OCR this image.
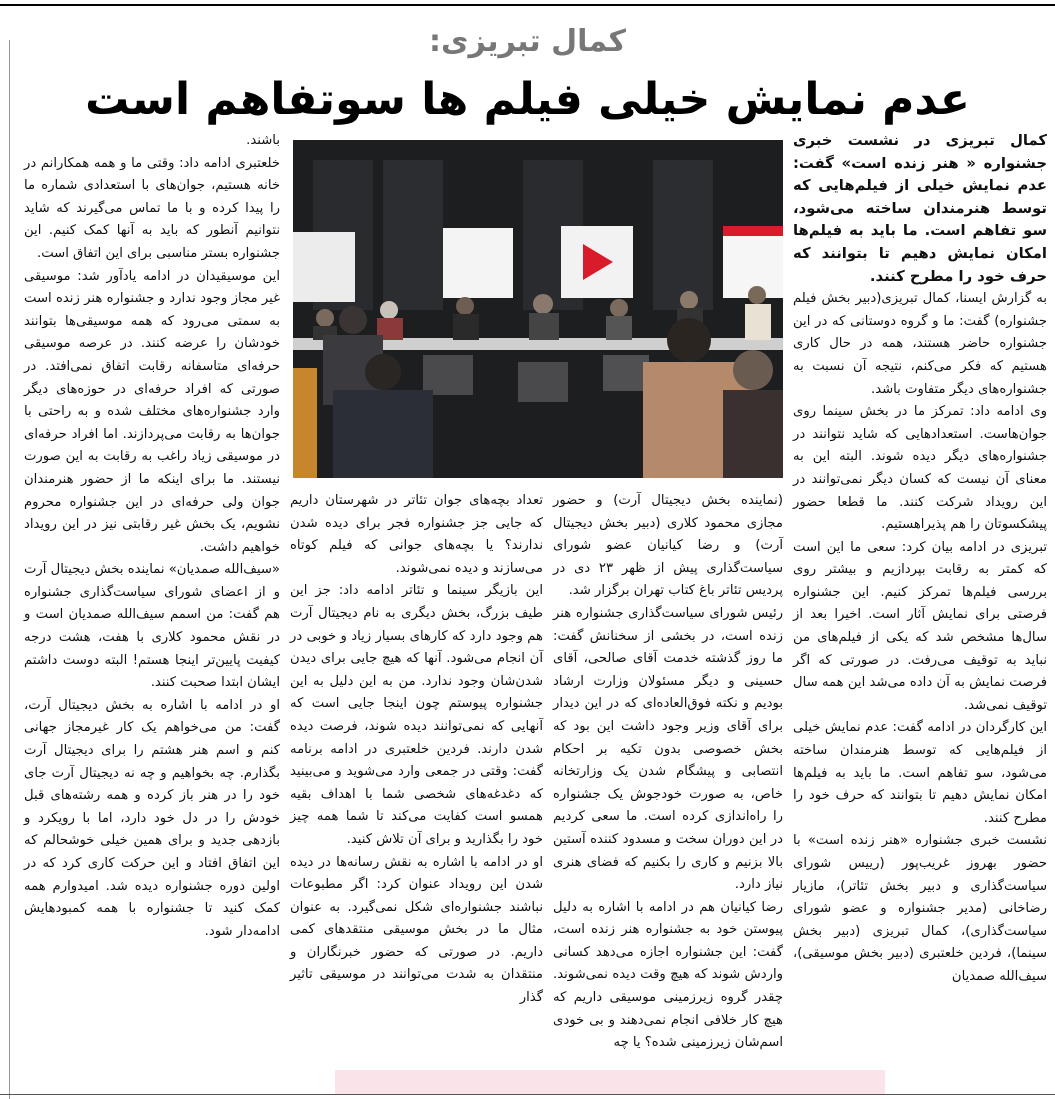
کمال تبریزی:
عدم نمایش خیلی فیلم ها سوتفاهم است

کمال تبریزی در نشست خبری جشنواره « هنر زنده است» گفت: عدم نمایش خیلی از فیلم‌هایی که توسط هنرمندان ساخته می‌شود، سو تفاهم است. ما باید به فیلم‌ها امکان نمایش دهیم تا بتوانند که حرف خود را مطرح کنند.

به گزارش ایسنا، کمال تبریزی(دبیر بخش فیلم جشنواره) گفت: ما و گروه دوستانی که در این جشنواره حاضر هستند، همه در حال کاری هستیم که فکر می‌کنم، نتیجه آن نسبت به جشنواره‌های دیگر متفاوت باشد.

وی ادامه داد: تمرکز ما در بخش سینما روی جوان‌هاست. استعدادهایی که شاید نتوانند در جشنواره‌های دیگر دیده شوند. البته این به معنای آن نیست که کسان دیگر نمی‌توانند در این رویداد شرکت کنند. ما قطعا حضور پیشکسوتان را هم پذیراهستیم.

تبریزی در ادامه بیان کرد: سعی ما این است که کمتر به رقابت بپردازیم و بیشتر روی بررسی فیلم‌ها تمرکز کنیم. این جشنواره فرصتی برای نمایش آثار است. اخیرا بعد از سال‌ها مشخص شد که یکی از فیلم‌های من نباید به توقیف می‌رفت. در صورتی که اگر فرصت نمایش به آن داده می‌شد این همه سال توقیف نمی‌شد.

این کارگردان در ادامه گفت: عدم نمایش خیلی از فیلم‌هایی که توسط هنرمندان ساخته می‌شود، سو تفاهم است. ما باید به فیلم‌ها امکان نمایش دهیم تا بتوانند که حرف خود را مطرح کنند.

نشست خبری جشنواره «هنر زنده است» با حضور بهروز غریب‌پور (رییس شورای سیاست‌گذاری و دبیر بخش تئاتر)، مازیار رضاخانی (مدیر جشنواره و عضو شورای سیاست‌گذاری)، کمال تبریزی (دبیر بخش سینما)، فردین خلعتبری (دبیر بخش موسیقی)، سیف‌الله صمدیان

(نماینده بخش دیجیتال آرت) و حضور مجازی محمود کلاری (دبیر بخش دیجیتال آرت) و رضا کیانیان عضو شورای سیاست‌گذاری پیش از ظهر ۲۳ دی در پردیس تئاتر باغ کتاب تهران برگزار شد.

رئیس شورای سیاست‌گذاری جشنواره هنر زنده است، در بخشی از سخنانش گفت: ما روز گذشته خدمت آقای صالحی، آقای حسینی و دیگر مسئولان وزارت ارشاد بودیم و نکته فوق‌العاده‌ای که در این دیدار برای آقای وزیر وجود داشت این بود که بخش خصوصی بدون تکیه بر احکام انتصابی و پیشگام شدن یک وزارتخانه خاص، به صورت خودجوش یک جشنواره را راه‌اندازی کرده است. ما سعی کردیم در این دوران سخت و مسدود کننده آستین بالا بزنیم و کاری را بکنیم که فضای هنری نیاز دارد.

رضا کیانیان هم در ادامه با اشاره به دلیل پیوستن خود به جشنواره هنر زنده است، گفت: این جشنواره اجازه می‌دهد کسانی واردش شوند که هیچ وقت دیده نمی‌شوند. چقدر گروه زیرزمینی موسیقی داریم که هیچ کار خلافی انجام نمی‌دهند و بی خودی اسم‌شان زیرزمینی شده؟ یا چه

تعداد بچه‌های جوان تئاتر در شهرستان داریم که جایی جز جشنواره فجر برای دیده شدن ندارند؟ یا بچه‌های جوانی که فیلم کوتاه می‌سازند و دیده نمی‌شوند.

این بازیگر سینما و تئاتر ادامه داد: جز این طیف بزرگ، بخش دیگری به نام دیجیتال آرت هم وجود دارد که کارهای بسیار زیاد و خوبی در آن انجام می‌شود. آنها که هیچ جایی برای دیدن شدن‌شان وجود ندارد. من به این دلیل به این جشنواره پیوستم چون اینجا جایی است که آنهایی که نمی‌توانند دیده شوند، فرصت دیده شدن دارند. فردین خلعتبری در ادامه برنامه گفت: وقتی در جمعی وارد می‌شوید و می‌بینید که دغدغه‌های شخصی شما با اهداف بقیه همسو است کفایت می‌کند تا شما همه چیز خود را بگذارید و برای آن تلاش کنید.

او در ادامه با اشاره به نقش رسانه‌ها در دیده شدن این رویداد عنوان کرد: اگر مطبوعات نباشند جشنواره‌ای شکل نمی‌گیرد. به عنوان مثال ما در بخش موسیقی منتقدهای کمی داریم. در صورتی که حضور خبرنگاران و منتقدان به شدت می‌توانند در موسیقی تاثیر گذار

باشند.

خلعتبری ادامه داد: وقتی ما و همه همکارانم در خانه هستیم، جوان‌های با استعدادی شماره ما را پیدا کرده و با ما تماس می‌گیرند که شاید نتوانیم آنطور که باید به آنها کمک کنیم. این جشنواره بستر مناسبی برای این اتفاق است.

این موسیقیدان در ادامه یادآور شد: موسیقی غیر مجاز وجود ندارد و جشنواره هنر زنده است به سمتی می‌رود که همه موسیقی‌ها بتوانند خودشان را عرضه کنند. در عرصه موسیقی حرفه‌ای متاسفانه رقابت اتفاق نمی‌افتد. در صورتی که افراد حرفه‌ای در حوزه‌های دیگر وارد جشنواره‌های مختلف شده و به راحتی با جوان‌ها به رقابت می‌پردازند. اما افراد حرفه‌ای در موسیقی زیاد راغب به رقابت به این صورت نیستند. ما برای اینکه ما از حضور هنرمندان جوان ولی حرفه‌ای در این جشنواره محروم نشویم، یک بخش غیر رقابتی نیز در این رویداد خواهیم داشت.

«سیف‌الله صمدیان» نماینده بخش دیجیتال آرت و از اعضای شورای سیاست‌گذاری جشنواره هم گفت: من اسمم سیف‌الله صمدیان است و در نقش محمود کلاری با هفت، هشت درجه کیفیت پایین‌تر اینجا هستم! البته دوست داشتم ایشان ابتدا صحبت کنند.

او در ادامه با اشاره به بخش دیجیتال آرت، گفت: من می‌خواهم یک کار غیرمجاز جهانی کنم و اسم هنر هشتم را برای دیجیتال آرت بگذارم. چه بخواهیم و چه نه دیجیتال آرت جای خود را در هنر باز کرده و همه رشته‌های قبل خودش را در دل خود دارد، اما با رویکرد و بازدهی جدید و برای همین خیلی خوشحالم که این اتفاق افتاد و این حرکت کاری کرد که در اولین دوره جشنواره دیده شد. امیدوارم همه کمک کنید تا جشنواره با همه کمبودهایش ادامه‌دار شود.
